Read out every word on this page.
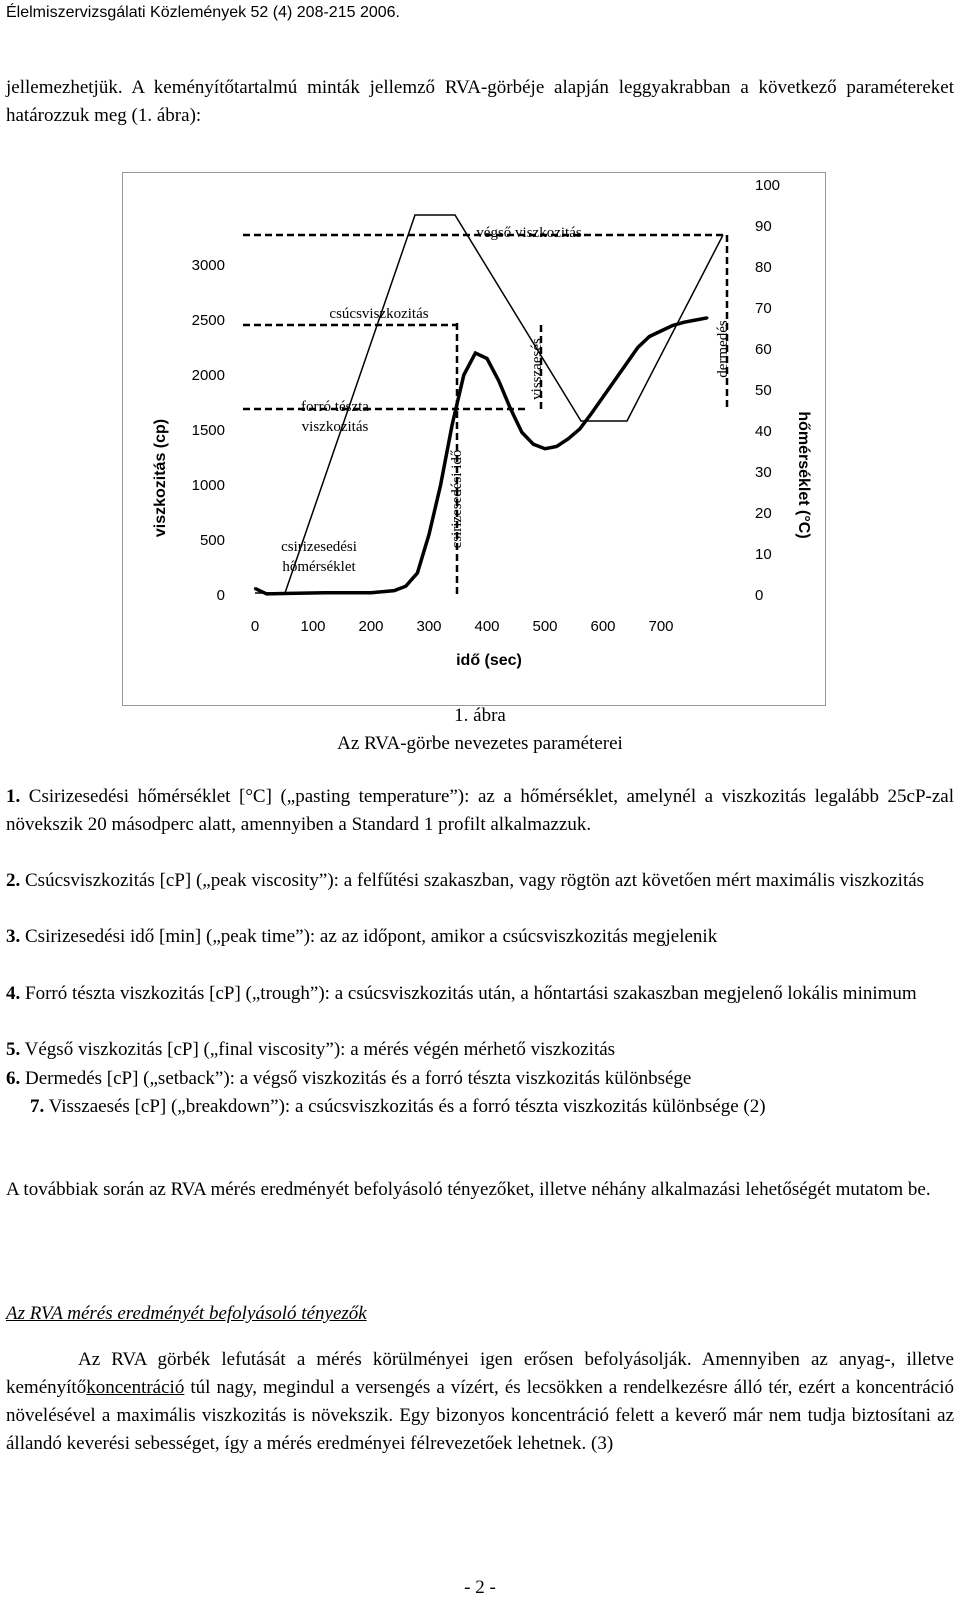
Élelmiszervizsgálati Közlemények 52 (4) 208-215 2006.

jellemezhetjük. A keményítőtartalmú minták jellemző RVA-görbéje alapján leggyakrabban a következő paramétereket határozzuk meg (1. ábra):

0
500
1000
1500
2000
2500
3000
0
10
20
30
40
50
60
70
80
90
100
0	100 200 300 400 500 600 700
viszkozitás (cp)	hőmérséklet (°C)
idő (sec)
végső viszkozitás
csúcsviszkozitás
forró tészta
viszkozitás
csirizesedési
hőmérséklet
csirizesedési idő
visszaesés	dermedés
1. ábra
Az RVA-görbe nevezetes paraméterei

1. Csirizesedési hőmérséklet [°C] („pasting temperature”): az a hőmérséklet, amelynél a viszkozitás legalább 25cP-zal növekszik 20 másodperc alatt, amennyiben a Standard 1 profilt alkalmazzuk.

2. Csúcsviszkozitás [cP] („peak viscosity”): a felfűtési szakaszban, vagy rögtön azt követően mért maximális viszkozitás

3. Csirizesedési idő [min] („peak time”): az az időpont, amikor a csúcsviszkozitás megjelenik

4. Forró tészta viszkozitás [cP] („trough”): a csúcsviszkozitás után, a hőntartási szakaszban megjelenő lokális minimum

5. Végső viszkozitás [cP] („final viscosity”): a mérés végén mérhető viszkozitás

6. Dermedés [cP] („setback”): a végső viszkozitás és a forró tészta viszkozitás különbsége

7. Visszaesés [cP] („breakdown”): a csúcsviszkozitás és a forró tészta viszkozitás különbsége (2)

A továbbiak során az RVA mérés eredményét befolyásoló tényezőket, illetve néhány alkalmazási lehetőségét mutatom be.

Az RVA mérés eredményét befolyásoló tényezők

Az RVA görbék lefutását a mérés körülményei igen erősen befolyásolják. Amennyiben az anyag-, illetve keményítőkoncentráció túl nagy, megindul a versengés a vízért, és lecsökken a rendelkezésre álló tér, ezért a koncentráció növelésével a maximális viszkozitás is növekszik. Egy bizonyos koncentráció felett a keverő már nem tudja biztosítani az állandó keverési sebességet, így a mérés eredményei félrevezetőek lehetnek. (3)

- 2 -
